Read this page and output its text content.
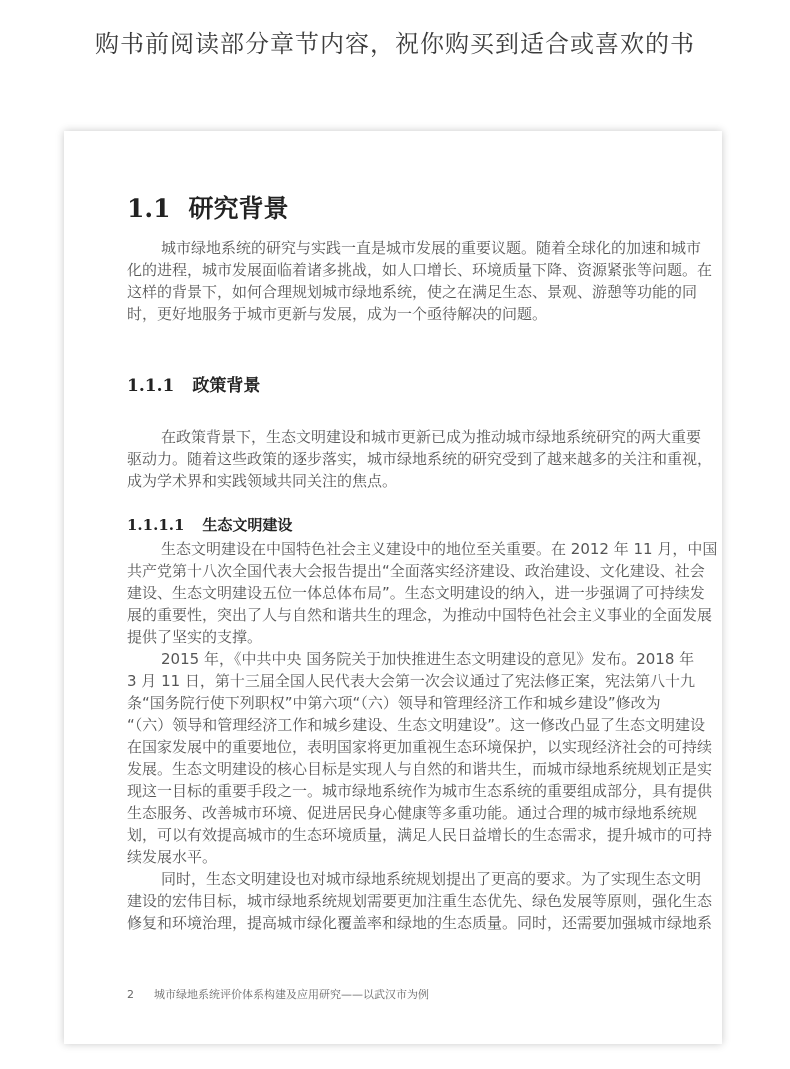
购书前阅读部分章节内容，祝你购买到适合或喜欢的书
1.1 研究背景
城市绿地系统的研究与实践一直是城市发展的重要议题。随着全球化的加速和城市
化的进程，城市发展面临着诸多挑战，如人口增长、环境质量下降、资源紧张等问题。在
这样的背景下，如何合理规划城市绿地系统，使之在满足生态、景观、游憩等功能的同
时，更好地服务于城市更新与发展，成为一个亟待解决的问题。
1.1.1 政策背景
在政策背景下，生态文明建设和城市更新已成为推动城市绿地系统研究的两大重要
驱动力。随着这些政策的逐步落实，城市绿地系统的研究受到了越来越多的关注和重视，
成为学术界和实践领域共同关注的焦点。
1.1.1.1 生态文明建设
生态文明建设在中国特色社会主义建设中的地位至关重要。在 2012 年 11 月，中国
共产党第十八次全国代表大会报告提出“全面落实经济建设、政治建设、文化建设、社会
建设、生态文明建设五位一体总体布局”。生态文明建设的纳入，进一步强调了可持续发
展的重要性，突出了人与自然和谐共生的理念，为推动中国特色社会主义事业的全面发展
提供了坚实的支撑。
2015 年，《中共中央 国务院关于加快推进生态文明建设的意见》发布。2018 年
3 月 11 日，第十三届全国人民代表大会第一次会议通过了宪法修正案，宪法第八十九
条“国务院行使下列职权”中第六项“（六）领导和管理经济工作和城乡建设”修改为
“（六）领导和管理经济工作和城乡建设、生态文明建设”。这一修改凸显了生态文明建设
在国家发展中的重要地位，表明国家将更加重视生态环境保护，以实现经济社会的可持续
发展。生态文明建设的核心目标是实现人与自然的和谐共生，而城市绿地系统规划正是实
现这一目标的重要手段之一。城市绿地系统作为城市生态系统的重要组成部分，具有提供
生态服务、改善城市环境、促进居民身心健康等多重功能。通过合理的城市绿地系统规
划，可以有效提高城市的生态环境质量，满足人民日益增长的生态需求，提升城市的可持
续发展水平。
同时，生态文明建设也对城市绿地系统规划提出了更高的要求。为了实现生态文明
建设的宏伟目标，城市绿地系统规划需要更加注重生态优先、绿色发展等原则，强化生态
修复和环境治理，提高城市绿化覆盖率和绿地的生态质量。同时，还需要加强城市绿地系
2 城市绿地系统评价体系构建及应用研究——以武汉市为例
